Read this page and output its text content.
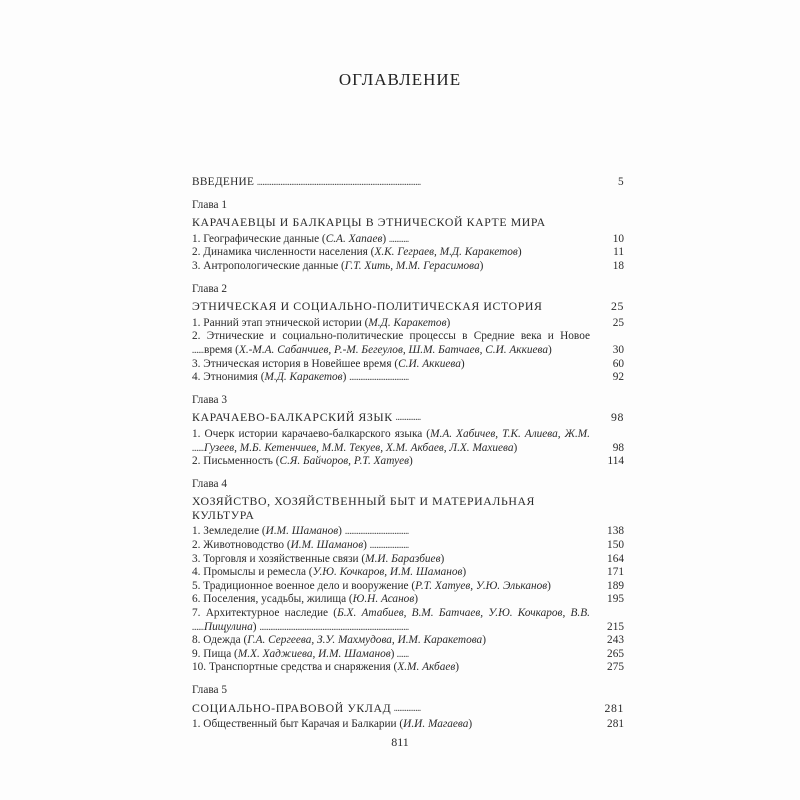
ОГЛАВЛЕНИЕ
. . . ВВЕДЕНИЕ	5
Глава 1
КАРАЧАЕВЦЫ И БАЛКАРЦЫ В ЭТНИЧЕСКОЙ КАРТЕ МИРА
. . . 1. Географические данные (С.А. Хапаев)	10
. . . 2. Динамика численности населения (Х.К. Геграев, М.Д. Каракетов)	11
. . . 3. Антропологические данные (Г.Т. Хить, М.М. Герасимова)	18
Глава 2
. . . ЭТНИЧЕСКАЯ И СОЦИАЛЬНО-ПОЛИТИЧЕСКАЯ ИСТОРИЯ	25
. . . 1. Ранний этап этнической истории (М.Д. Каракетов)	25
. . . 2. Этнические и социально-политические процессы в Средние века и Новое время (Х.-М.А. Сабанчиев, Р.-М. Бегеулов, Ш.М. Батчаев, С.И. Аккиева)	30
. . . 3. Этническая история в Новейшее время (С.И. Аккиева)	60
. . . 4. Этнонимия (М.Д. Каракетов)	92
Глава 3
. . . КАРАЧАЕВО-БАЛКАРСКИЙ ЯЗЫК	98
. . . 1. Очерк истории карачаево-балкарского языка (М.А. Хабичев, Т.К. Алиева, Ж.М. Гузеев, М.Б. Кетенчиев, М.М. Текуев, Х.М. Акбаев, Л.Х. Махиева)	98
. . . 2. Письменность (С.Я. Байчоров, Р.Т. Хатуев)	114
Глава 4
ХОЗЯЙСТВО, ХОЗЯЙСТВЕННЫЙ БЫТ И МАТЕРИАЛЬНАЯ КУЛЬТУРА
. . . 1. Земледелие (И.М. Шаманов)	138
. . . 2. Животноводство (И.М. Шаманов)	150
. . . 3. Торговля и хозяйственные связи (М.И. Баразбиев)	164
. . . 4. Промыслы и ремесла (У.Ю. Кочкаров, И.М. Шаманов)	171
. . . 5. Традиционное военное дело и вооружение (Р.Т. Хатуев, У.Ю. Эльканов)	189
. . . 6. Поселения, усадьбы, жилища (Ю.Н. Асанов)	195
. . . 7. Архитектурное наследие (Б.Х. Атабиев, В.М. Батчаев, У.Ю. Кочкаров, В.В. Пищулина)	215
. . . 8. Одежда (Г.А. Сергеева, З.У. Махмудова, И.М. Каракетова)	243
. . . 9. Пища (М.Х. Хаджиева, И.М. Шаманов)	265
. . . 10. Транспортные средства и снаряжения (Х.М. Акбаев)	275
Глава 5
. . . СОЦИАЛЬНО-ПРАВОВОЙ УКЛАД	281
. . . 1. Общественный быт Карачая и Балкарии (И.И. Магаева)	281
811
